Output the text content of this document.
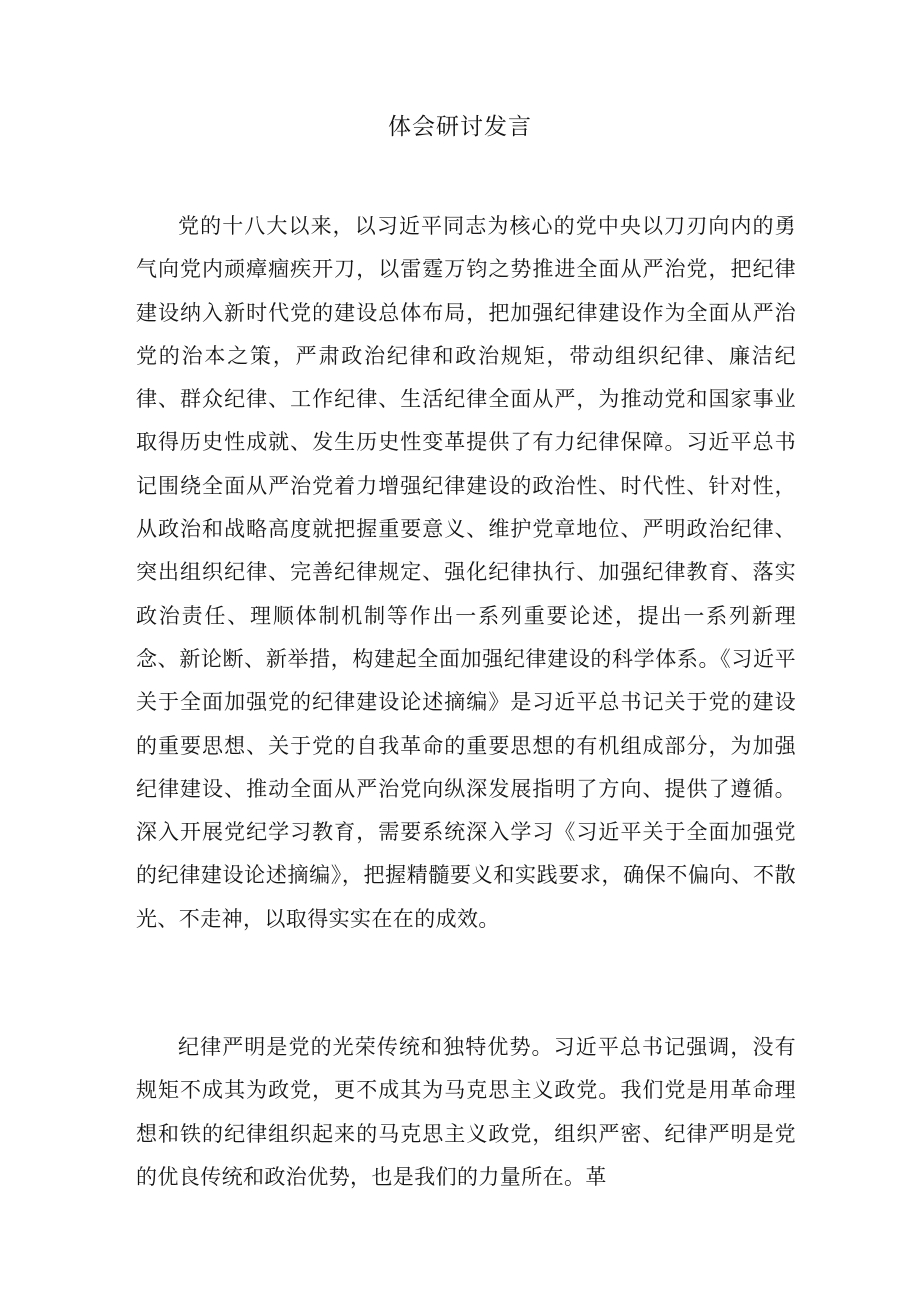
体会研讨发言

党的十八大以来，以习近平同志为核心的党中央以刀刃向内的勇气向党内顽瘴痼疾开刀，以雷霆万钧之势推进全面从严治党，把纪律建设纳入新时代党的建设总体布局，把加强纪律建设作为全面从严治党的治本之策，严肃政治纪律和政治规矩，带动组织纪律、廉洁纪律、群众纪律、工作纪律、生活纪律全面从严，为推动党和国家事业取得历史性成就、发生历史性变革提供了有力纪律保障。习近平总书记围绕全面从严治党着力增强纪律建设的政治性、时代性、针对性，从政治和战略高度就把握重要意义、维护党章地位、严明政治纪律、突出组织纪律、完善纪律规定、强化纪律执行、加强纪律教育、落实政治责任、理顺体制机制等作出一系列重要论述，提出一系列新理念、新论断、新举措，构建起全面加强纪律建设的科学体系。《习近平关于全面加强党的纪律建设论述摘编》是习近平总书记关于党的建设的重要思想、关于党的自我革命的重要思想的有机组成部分，为加强纪律建设、推动全面从严治党向纵深发展指明了方向、提供了遵循。深入开展党纪学习教育，需要系统深入学习《习近平关于全面加强党的纪律建设论述摘编》，把握精髓要义和实践要求，确保不偏向、不散光、不走神，以取得实实在在的成效。

纪律严明是党的光荣传统和独特优势。习近平总书记强调，没有规矩不成其为政党，更不成其为马克思主义政党。我们党是用革命理想和铁的纪律组织起来的马克思主义政党，组织严密、纪律严明是党的优良传统和政治优势，也是我们的力量所在。革
